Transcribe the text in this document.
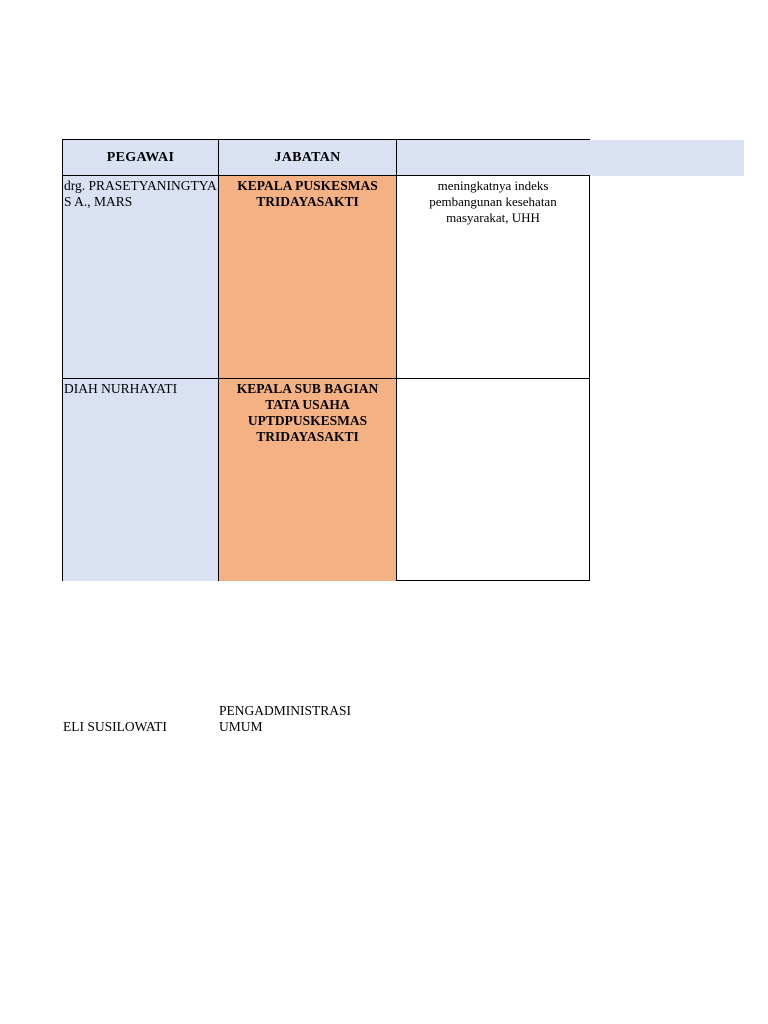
PEGAWAI	JABATAN
drg. PRASETYANINGTYAS A., MARS
KEPALA PUSKESMAS TRIDAYASAKTI
meningkatnya indeks pembangunan kesehatan masyarakat, UHH
DIAH NURHAYATI	KEPALA SUB BAGIAN TATA USAHA UPTDPUSKESMAS TRIDAYASAKTI
ELI SUSILOWATI
PENGADMINISTRASI UMUM
